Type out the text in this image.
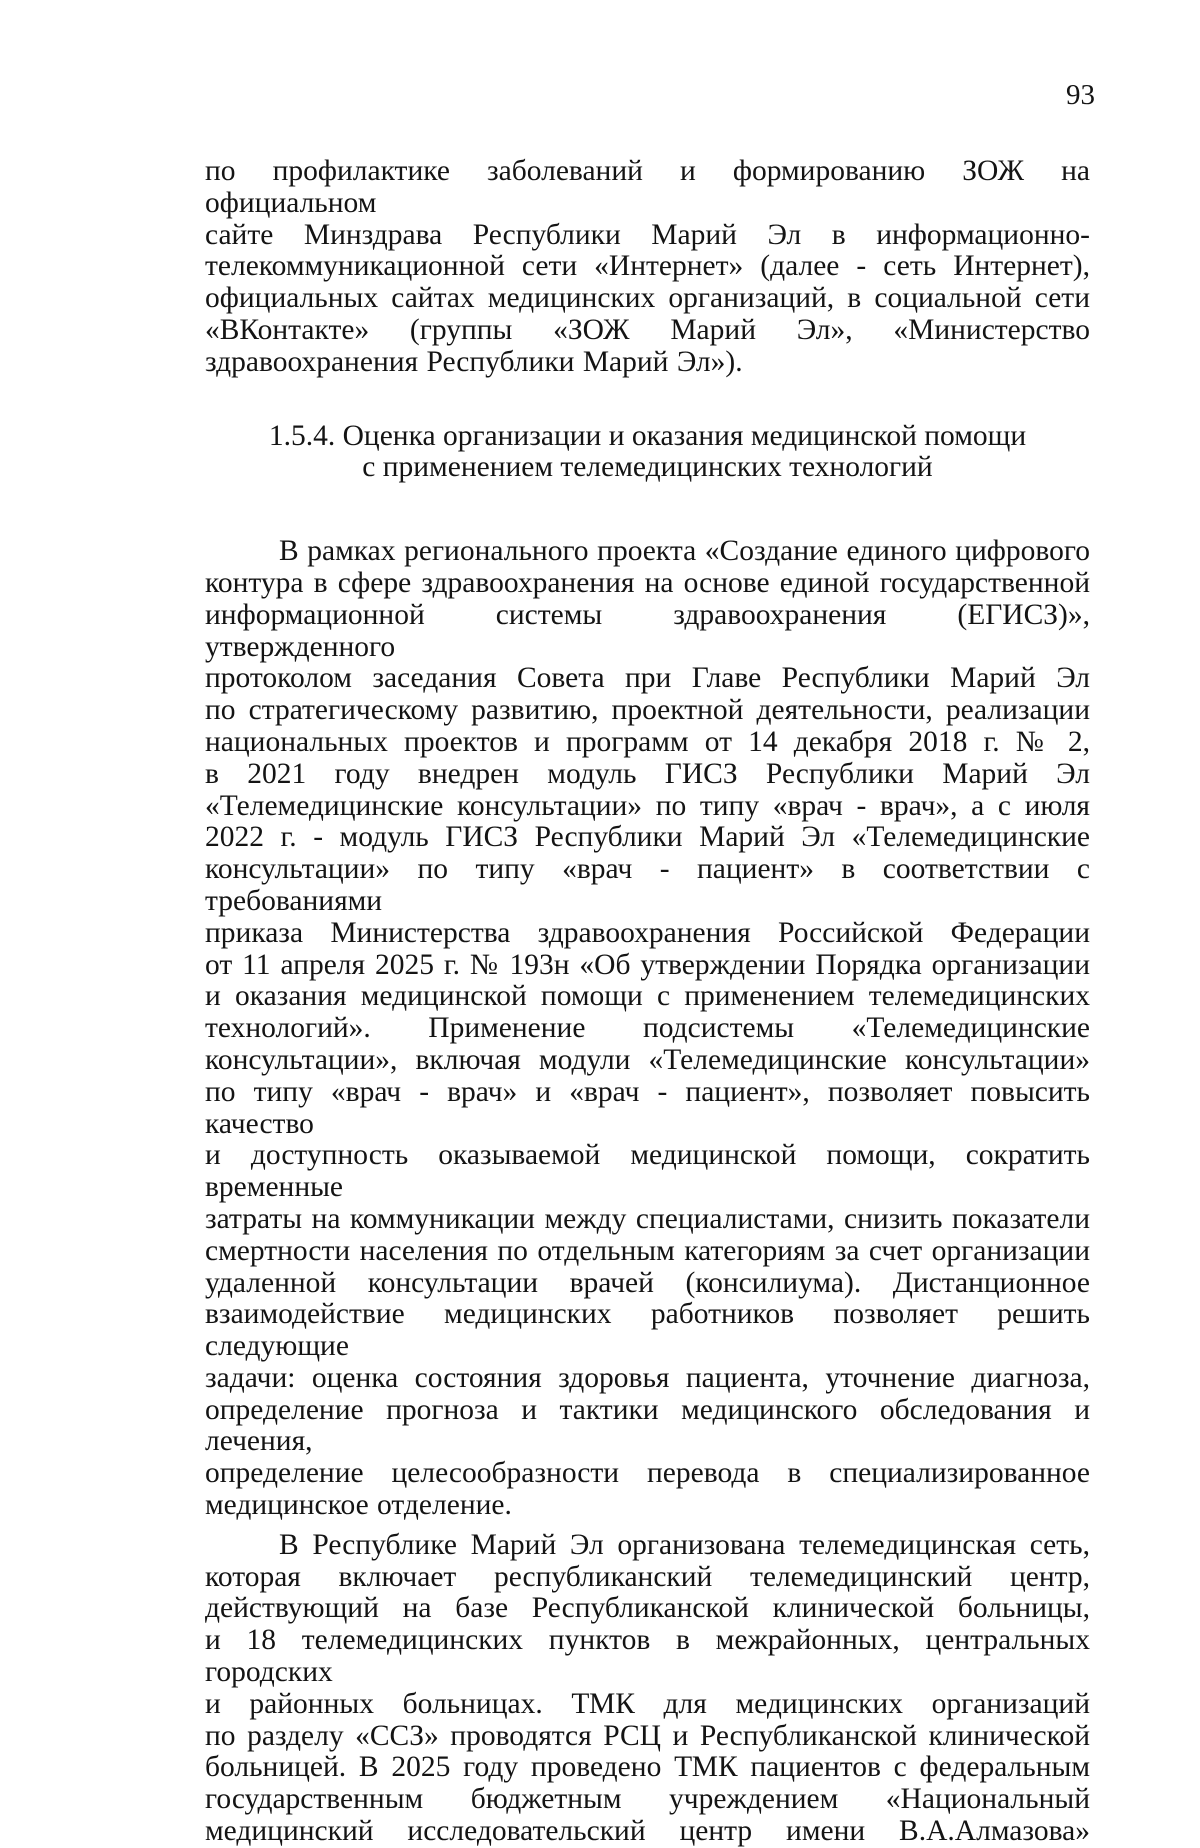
93

по профилактике заболеваний и формированию ЗОЖ на официальном
сайте Минздрава Республики Марий Эл в информационно-
телекоммуникационной сети «Интернет» (далее - сеть Интернет),
официальных сайтах медицинских организаций, в социальной сети
«ВКонтакте» (группы «ЗОЖ Марий Эл», «Министерство
здравоохранения Республики Марий Эл»).

1.5.4. Оценка организации и оказания медицинской помощи
с применением телемедицинских технологий

В рамках регионального проекта «Создание единого цифрового
контура в сфере здравоохранения на основе единой государственной
информационной системы здравоохранения (ЕГИСЗ)», утвержденного
протоколом заседания Совета при Главе Республики Марий Эл
по стратегическому развитию, проектной деятельности, реализации
национальных проектов и программ от 14 декабря 2018 г. № 2,
в 2021 году внедрен модуль ГИСЗ Республики Марий Эл
«Телемедицинские консультации» по типу «врач - врач», а с июля
2022 г. - модуль ГИСЗ Республики Марий Эл «Телемедицинские
консультации» по типу «врач - пациент» в соответствии с требованиями
приказа Министерства здравоохранения Российской Федерации
от 11 апреля 2025 г. № 193н «Об утверждении Порядка организации
и оказания медицинской помощи с применением телемедицинских
технологий». Применение подсистемы «Телемедицинские
консультации», включая модули «Телемедицинские консультации»
по типу «врач - врач» и «врач - пациент», позволяет повысить качество
и доступность оказываемой медицинской помощи, сократить временные
затраты на коммуникации между специалистами, снизить показатели
смертности населения по отдельным категориям за счет организации
удаленной консультации врачей (консилиума). Дистанционное
взаимодействие медицинских работников позволяет решить следующие
задачи: оценка состояния здоровья пациента, уточнение диагноза,
определение прогноза и тактики медицинского обследования и лечения,
определение целесообразности перевода в специализированное
медицинское отделение.

В Республике Марий Эл организована телемедицинская сеть,
которая включает республиканский телемедицинский центр,
действующий на базе Республиканской клинической больницы,
и 18 телемедицинских пунктов в межрайонных, центральных городских
и районных больницах. ТМК для медицинских организаций
по разделу «ССЗ» проводятся РСЦ и Республиканской клинической
больницей. В 2025 году проведено ТМК пациентов с федеральным
государственным бюджетным учреждением «Национальный
медицинский исследовательский центр имени В.А.Алмазова»
